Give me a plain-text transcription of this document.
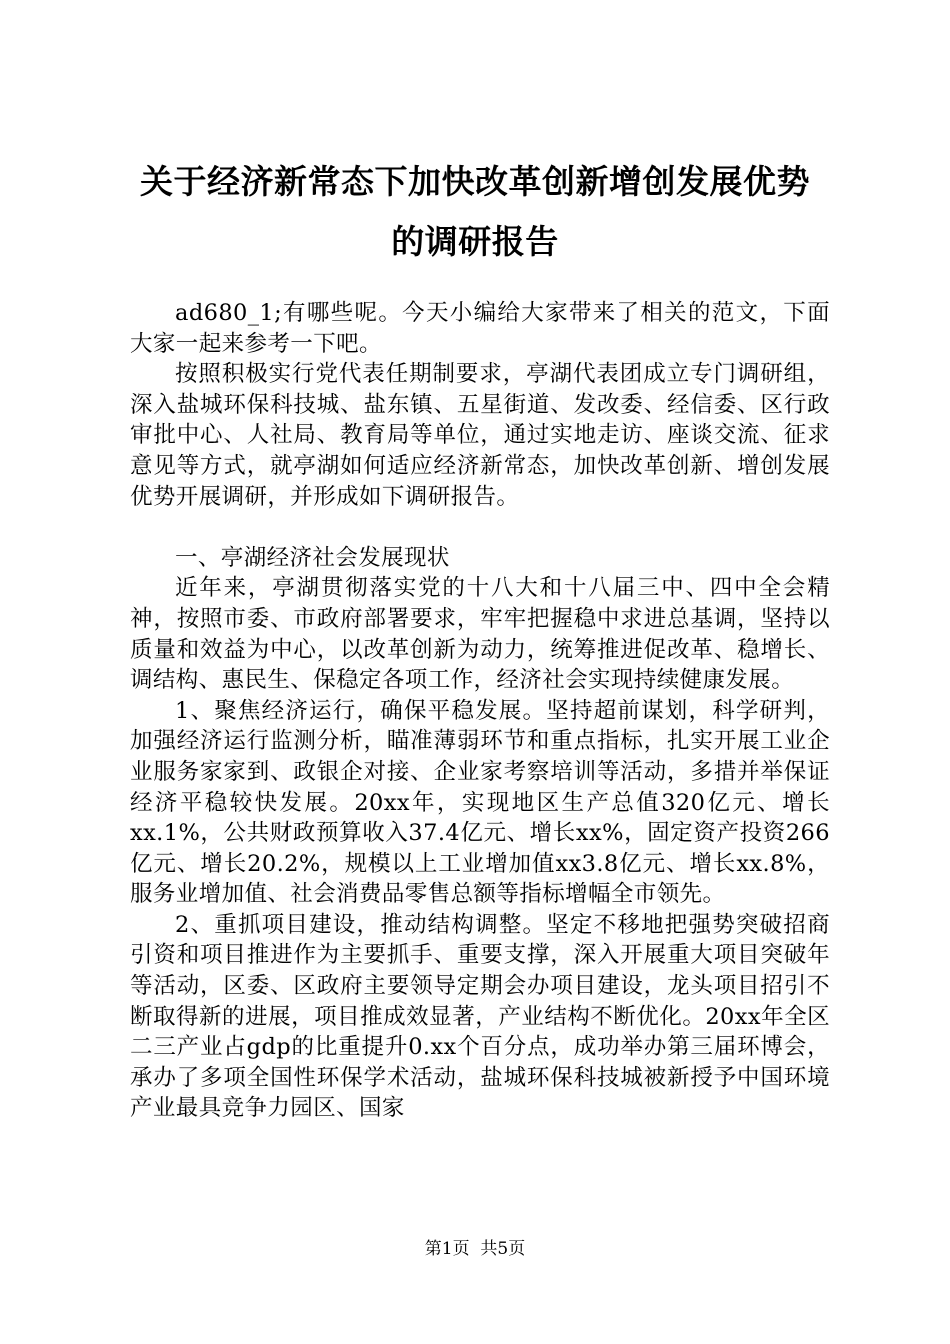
关于经济新常态下加快改革创新增创发展优势
的调研报告

ad680_1;有哪些呢。今天小编给大家带来了相关的范文，下面大家一起来参考一下吧。

按照积极实行党代表任期制要求，亭湖代表团成立专门调研组，深入盐城环保科技城、盐东镇、五星街道、发改委、经信委、区行政审批中心、人社局、教育局等单位，通过实地走访、座谈交流、征求意见等方式，就亭湖如何适应经济新常态，加快改革创新、增创发展优势开展调研，并形成如下调研报告。

一、亭湖经济社会发展现状

近年来，亭湖贯彻落实党的十八大和十八届三中、四中全会精神，按照市委、市政府部署要求，牢牢把握稳中求进总基调，坚持以质量和效益为中心，以改革创新为动力，统筹推进促改革、稳增长、调结构、惠民生、保稳定各项工作，经济社会实现持续健康发展。

1、聚焦经济运行，确保平稳发展。坚持超前谋划，科学研判，加强经济运行监测分析，瞄准薄弱环节和重点指标，扎实开展工业企业服务家家到、政银企对接、企业家考察培训等活动，多措并举保证经济平稳较快发展。20xx年，实现地区生产总值320亿元、增长xx.1%，公共财政预算收入37.4亿元、增长xx%，固定资产投资266亿元、增长20.2%，规模以上工业增加值xx3.8亿元、增长xx.8%，服务业增加值、社会消费品零售总额等指标增幅全市领先。

2、重抓项目建设，推动结构调整。坚定不移地把强势突破招商引资和项目推进作为主要抓手、重要支撑，深入开展重大项目突破年等活动，区委、区政府主要领导定期会办项目建设，龙头项目招引不断取得新的进展，项目推成效显著，产业结构不断优化。20xx年全区二三产业占gdp的比重提升0.xx个百分点，成功举办第三届环博会，承办了多项全国性环保学术活动，盐城环保科技城被新授予中国环境产业最具竞争力园区、国家

第1页  共5页
